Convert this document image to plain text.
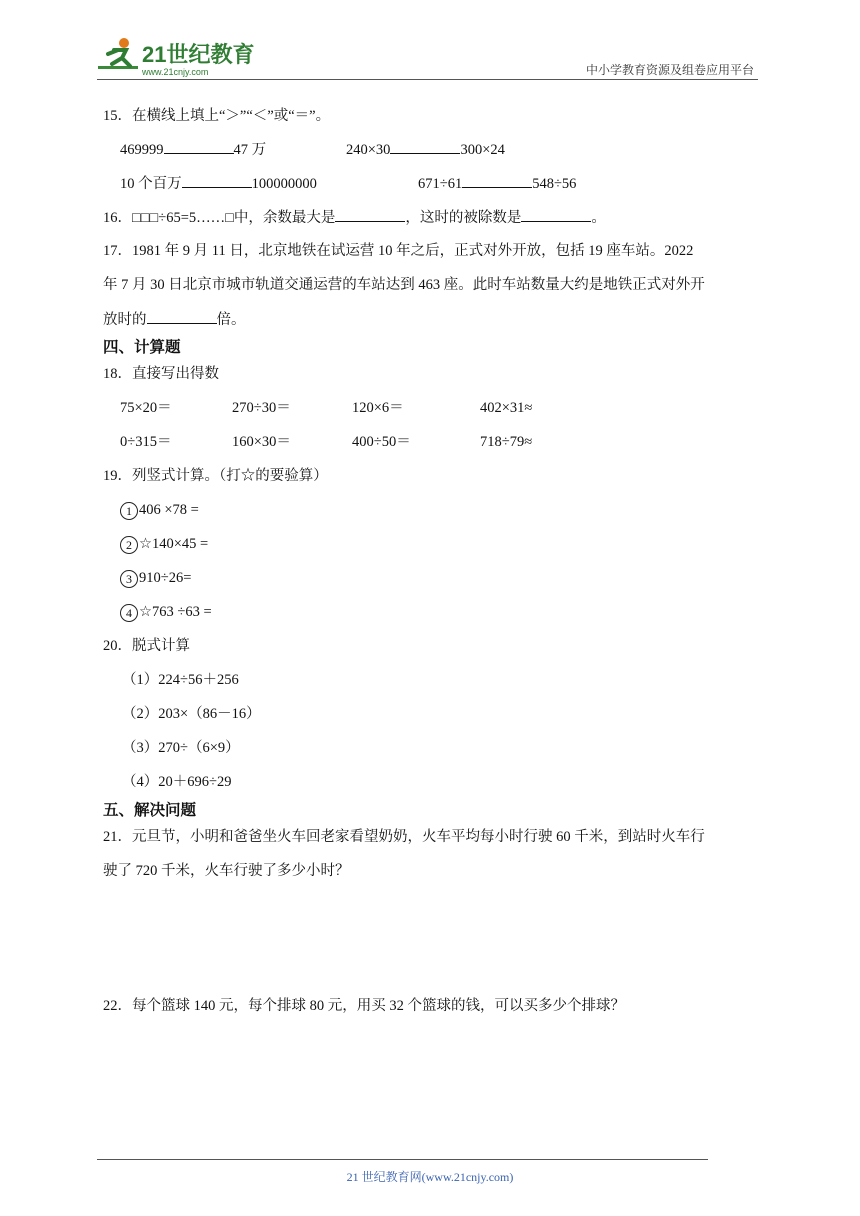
21世纪教育
www.21cnjy.com	中小学教育资源及组卷应用平台
15．在横线上填上“＞”“＜”或“＝”。
469999	47 万	240×30	300×24
10 个百万	100000000	671÷61	548÷56
16．□□□÷65=5……□中，余数最大是	，这时的被除数是	。
17．1981 年 9 月 11 日，北京地铁在试运营 10 年之后，正式对外开放，包括 19 座车站。2022
年 7 月 30 日北京市城市轨道交通运营的车站达到 463 座。此时车站数量大约是地铁正式对外开
放时的	倍。
四、计算题
18．直接写出得数
75×20＝	270÷30＝	120×6＝	402×31≈
0÷315＝	160×30＝	400÷50＝	718÷79≈
19．列竖式计算。（打☆的要验算）
1 406 ×78 =
2 ☆140×45 =
3 910÷26=
4 ☆763 ÷63 =
20．脱式计算
（1）224÷56＋256
（2）203×（86－16）
（3）270÷（6×9）
（4）20＋696÷29
五、解决问题
21．元旦节，小明和爸爸坐火车回老家看望奶奶，火车平均每小时行驶 60 千米，到站时火车行
驶了 720 千米，火车行驶了多少小时？
22．每个篮球 140 元，每个排球 80 元，用买 32 个篮球的钱，可以买多少个排球？
21 世纪教育网(www.21cnjy.com)
